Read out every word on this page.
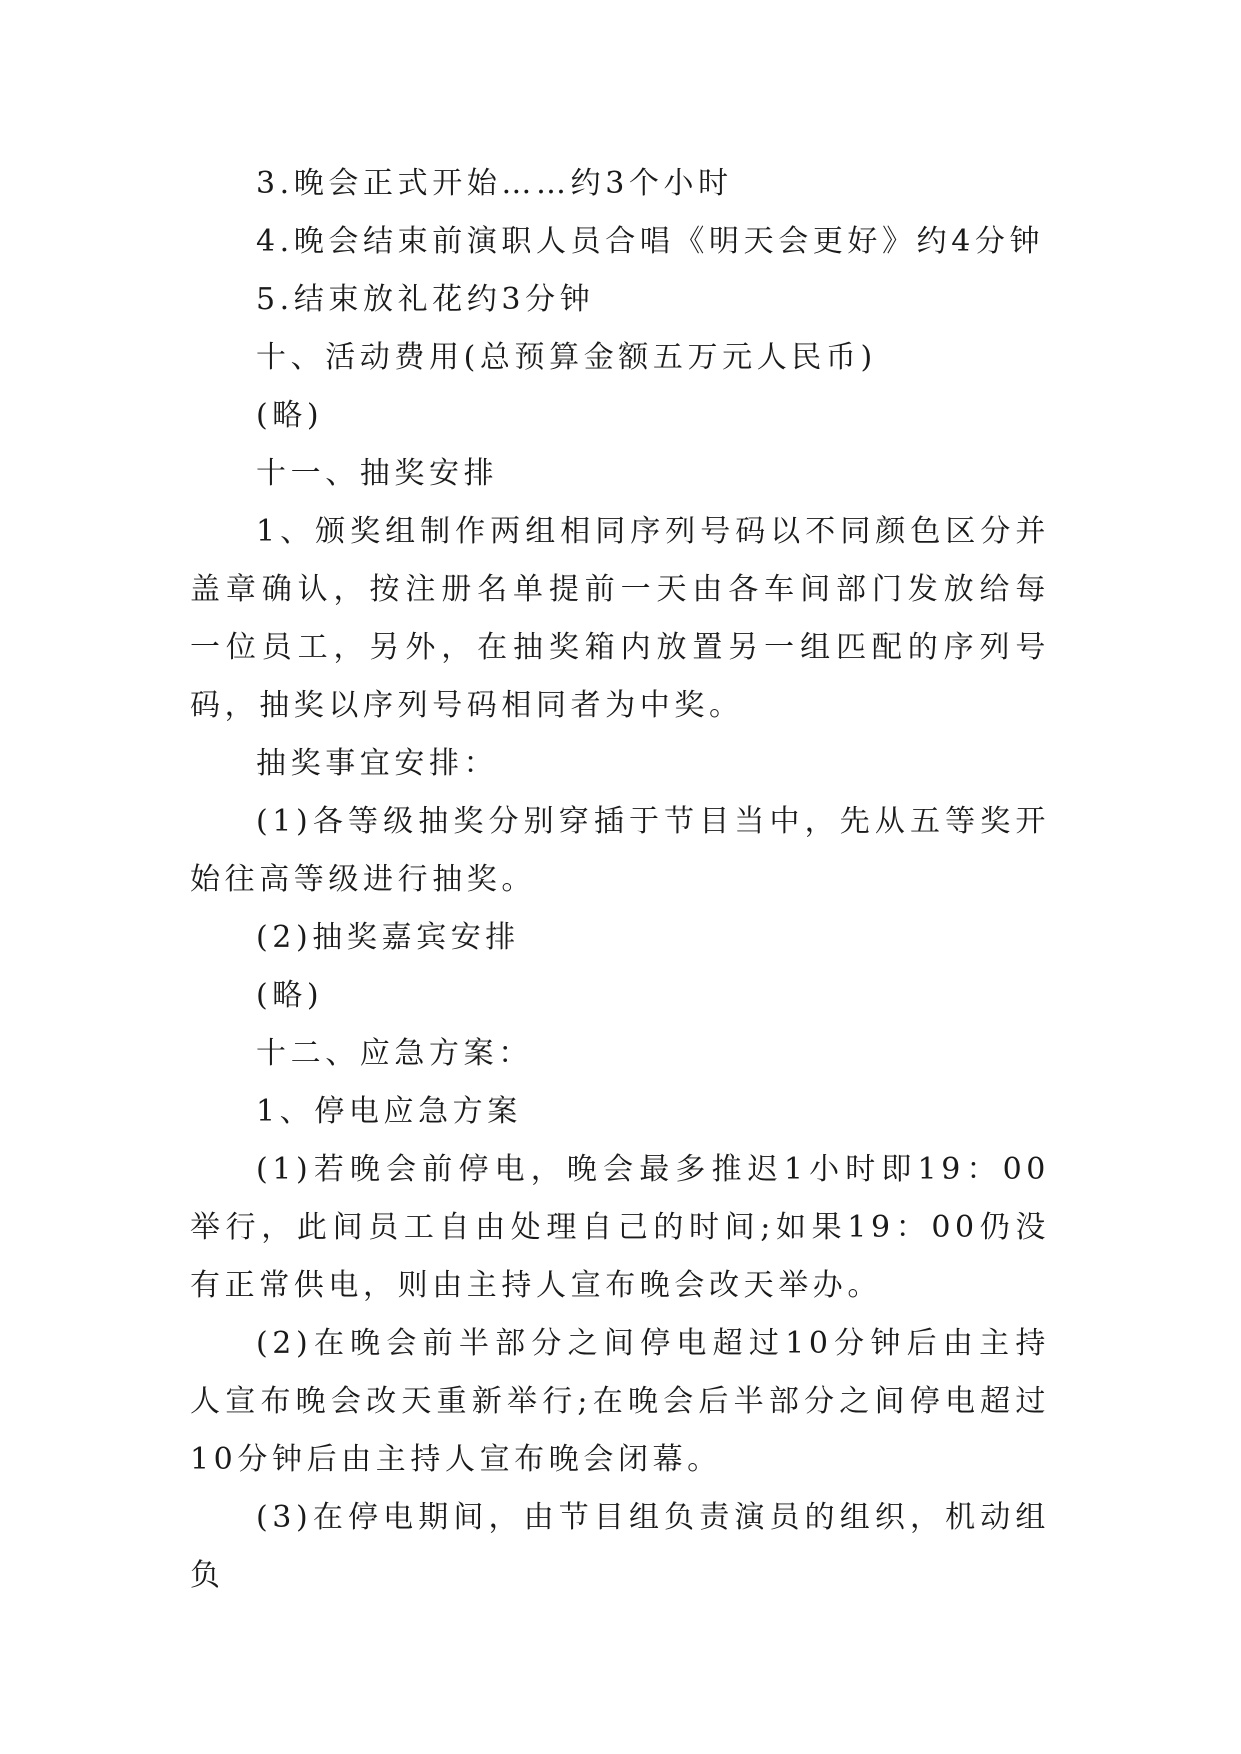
3.晚会正式开始……约3个小时

4.晚会结束前演职人员合唱《明天会更好》约4分钟

5.结束放礼花约3分钟

十、活动费用(总预算金额五万元人民币)

(略)

十一、抽奖安排

1、颁奖组制作两组相同序列号码以不同颜色区分并盖章确认，按注册名单提前一天由各车间部门发放给每一位员工，另外，在抽奖箱内放置另一组匹配的序列号码，抽奖以序列号码相同者为中奖。

抽奖事宜安排：

(1)各等级抽奖分别穿插于节目当中，先从五等奖开始往高等级进行抽奖。

(2)抽奖嘉宾安排

(略)

十二、应急方案：

1、停电应急方案

(1)若晚会前停电，晚会最多推迟1小时即19：00举行，此间员工自由处理自己的时间;如果19：00仍没有正常供电，则由主持人宣布晚会改天举办。

(2)在晚会前半部分之间停电超过10分钟后由主持人宣布晚会改天重新举行;在晚会后半部分之间停电超过10分钟后由主持人宣布晚会闭幕。

(3)在停电期间，由节目组负责演员的组织，机动组负
